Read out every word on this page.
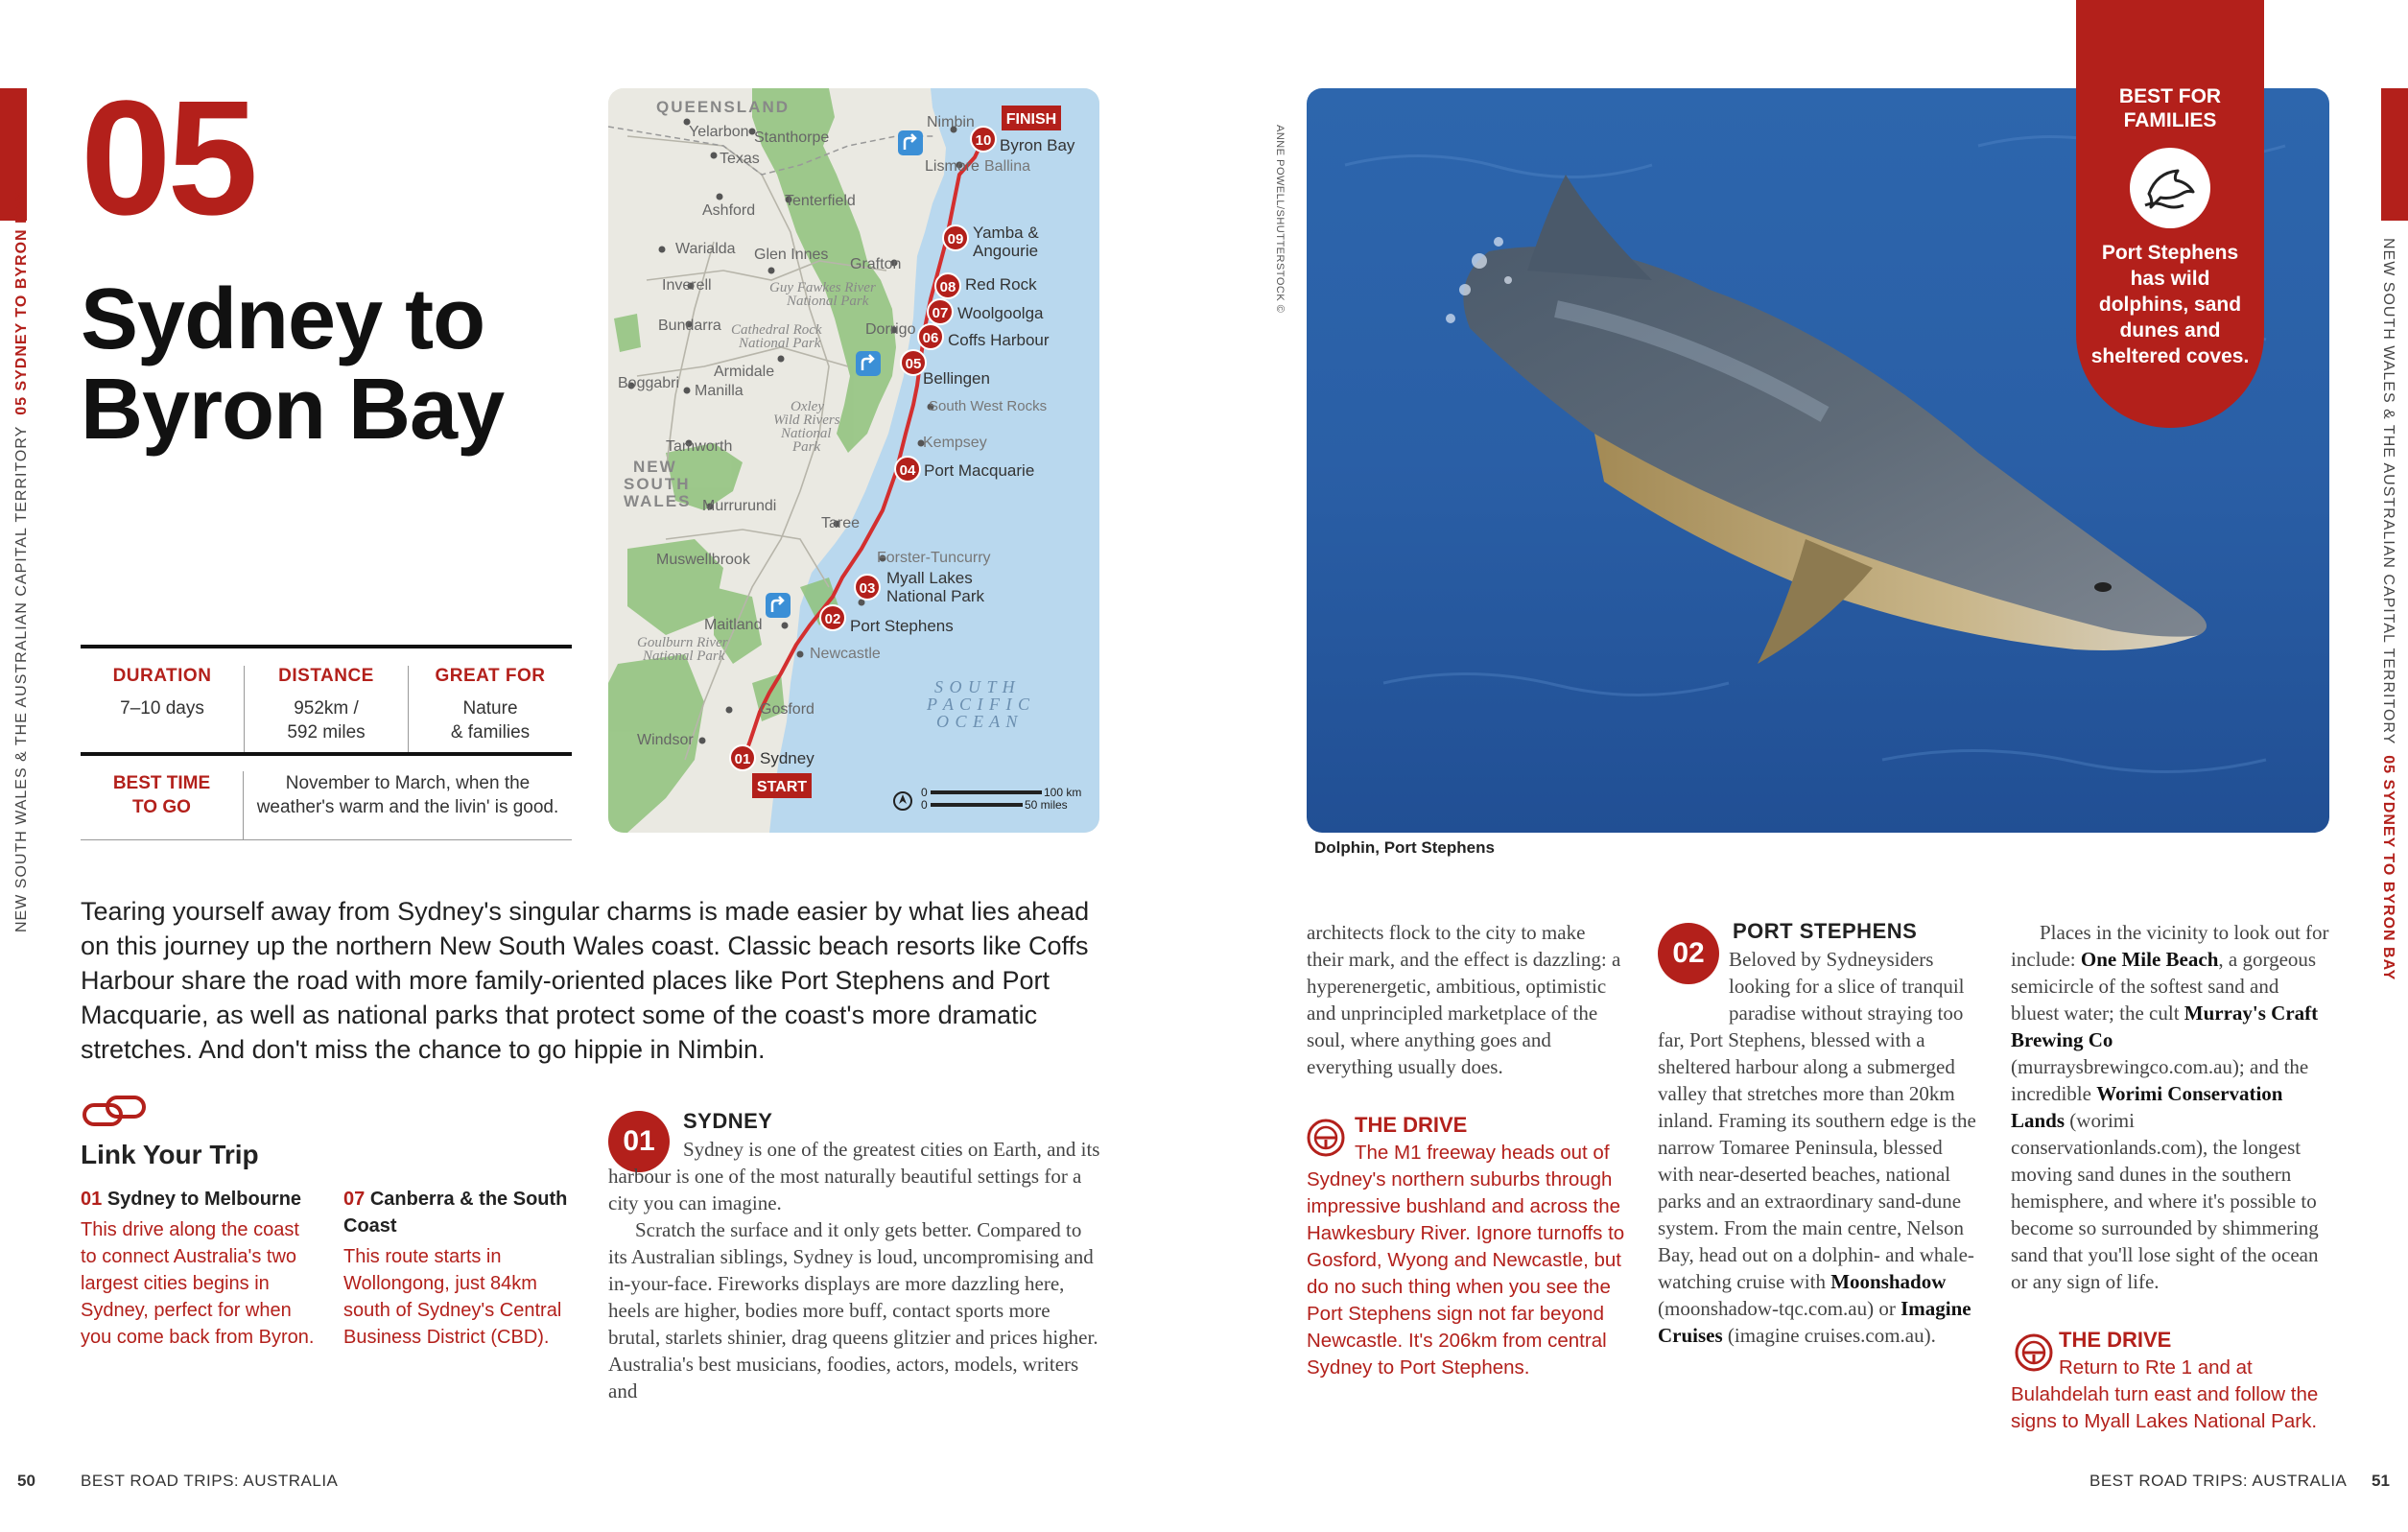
NEW SOUTH WALES & THE AUSTRALIAN CAPITAL TERRITORY  05 SYDNEY TO BYRON BAY
05
Sydney to
Byron Bay
DURATION
7–10 days
DISTANCE
952km /
592 miles
GREAT FOR
Nature
& families
BEST TIME
TO GO
November to March, when the
weather's warm and the livin' is good.
QUEENSLAND
NEW
SOUTH
WALES
S O U T H
P A C I F I C
O C E A N
Yelarbon Stanthorpe
Texas
Nimbin
Ashford
Tenterfield
Lismore Ballina
Warialda Glen Innes
Grafton
Inverell
Bundarra	Dorrigo
Boggabri
Armidale
Manilla
Tamworth
South West Rocks
Kempsey
Murrurundi
Taree
Forster-Tuncurry
Muswellbrook
Maitland
Newcastle
Gosford
Windsor
Guy Fawkes River
National Park
Cathedral Rock
National Park
Oxley
Wild Rivers
National
Park
Goulburn River
National Park
10 Byron Bay
09 Yamba &
Angourie
08 Red Rock
07 Woolgoolga
06 Coffs Harbour
05
Bellingen
04 Port Macquarie
03
Myall Lakes
National Park
02 Port Stephens
01 Sydney
FINISH
START	0
0
100 km
50 miles
Tearing yourself away from Sydney's singular charms is made easier by what lies ahead on this journey up the northern New South Wales coast. Classic beach resorts like Coffs Harbour share the road with more family-oriented places like Port Stephens and Port Macquarie, as well as national parks that protect some of the coast's more dramatic stretches. And don't miss the chance to go hippie in Nimbin.
Link Your Trip
01 Sydney to Melbourne
This drive along the coast to connect Australia's two largest cities begins in Sydney, perfect for when you come back from Byron.
07 Canberra & the South Coast
This route starts in Wollongong, just 84km south of Sydney's Central Business District (CBD).
01
SYDNEY
Sydney is one of the greatest cities on Earth, and its harbour is one of the most naturally beautiful settings for a city you can imagine.
Scratch the surface and it only gets better. Compared to its Australian siblings, Sydney is loud, uncompromising and in-your-face. Fireworks displays are more dazzling here, heels are higher, bodies more buff, contact sports more brutal, starlets shinier, drag queens glitzier and prices higher. Australia's best musicians, foodies, actors, models, writers and
BEST ROAD TRIPS: AUSTRALIA
50
ANNE POWELL/SHUTTERSTOCK ©
Dolphin, Port Stephens
BEST FOR
FAMILIES
Port Stephens has wild dolphins, sand dunes and sheltered coves.
architects flock to the city to make their mark, and the effect is dazzling: a hyperenergetic, ambitious, optimistic and unprincipled marketplace of the soul, where anything goes and everything usually does.
THE DRIVE
The M1 freeway heads out of Sydney's northern suburbs through impressive bushland and across the Hawkesbury River. Ignore turnoffs to Gosford, Wyong and Newcastle, but do no such thing when you see the Port Stephens sign not far beyond Newcastle. It's 206km from central Sydney to Port Stephens.
02
PORT STEPHENS
Beloved by Sydneysiders looking for a slice of tranquil paradise without straying too far, Port Stephens, blessed with a sheltered harbour along a submerged valley that stretches more than 20km inland. Framing its southern edge is the narrow Tomaree Peninsula, blessed with near-deserted beaches, national parks and an extraordinary sand-dune system. From the main centre, Nelson Bay, head out on a dolphin- and whale-watching cruise with Moonshadow (moonshadow-tqc.com.au) or Imagine Cruises (imagine cruises.com.au).
Places in the vicinity to look out for include: One Mile Beach, a gorgeous semicircle of the softest sand and bluest water; the cult Murray's Craft Brewing Co (murraysbrewingco.com.au); and the incredible Worimi Conservation Lands (worimi conservationlands.com), the longest moving sand dunes in the southern hemisphere, and where it's possible to become so surrounded by shimmering sand that you'll lose sight of the ocean or any sign of life.
THE DRIVE
Return to Rte 1 and at Bulahdelah turn east and follow the signs to Myall Lakes National Park.
NEW SOUTH WALES & THE AUSTRALIAN CAPITAL TERRITORY  05 SYDNEY TO BYRON BAY
BEST ROAD TRIPS: AUSTRALIA 51
